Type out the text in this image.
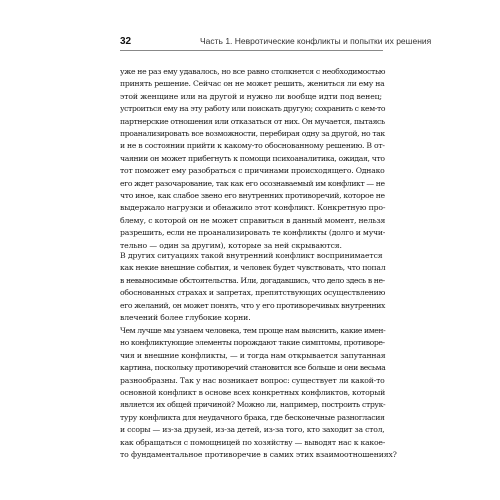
32	Часть 1. Невротические конфликты и попытки их решения
уже не раз ему удавалось, но все равно столкнется с необходимостью
принять решение. Сейчас он не может решить, жениться ли ему на
этой женщине или на другой и нужно ли вообще идти под венец;
устроиться ему на эту работу или поискать другую; сохранить с кем-то
партнерские отношения или отказаться от них. Он мучается, пытаясь
проанализировать все возможности, перебирая одну за другой, но так
и не в состоянии прийти к какому-то обоснованному решению. В от-
чаянии он может прибегнуть к помощи психоаналитика, ожидая, что
тот поможет ему разобраться с причинами происходящего. Однако
его ждет разочарование, так как его осознаваемый им конфликт — не
что иное, как слабое звено его внутренних противоречий, которое не
выдержало нагрузки и обнажило этот конфликт. Конкретную про-
блему, с которой он не может справиться в данный момент, нельзя
разрешить, если не проанализировать те конфликты (долго и мучи-
тельно — один за другим), которые за ней скрываются.
В других ситуациях такой внутренний конфликт воспринимается
как некие внешние события, и человек будет чувствовать, что попал
в невыносимые обстоятельства. Или, догадавшись, что дело здесь в не-
обоснованных страхах и запретах, препятствующих осуществлению
его желаний, он может понять, что у его противоречивых внутренних
влечений более глубокие корни.
Чем лучше мы узнаем человека, тем проще нам выяснить, какие имен-
но конфликтующие элементы порождают такие симптомы, противоре-
чия и внешние конфликты, — и тогда нам открывается запутанная
картина, поскольку противоречий становится все больше и они весьма
разнообразны. Так у нас возникает вопрос: существует ли какой-то
основной конфликт в основе всех конкретных конфликтов, который
является их общей причиной? Можно ли, например, построить струк-
туру конфликта для неудачного брака, где бесконечные разногласия
и ссоры — из-за друзей, из-за детей, из-за того, кто заходит за стол,
как обращаться с помощницей по хозяйству — выводят нас к какое-
то фундаментальное противоречие в самих этих взаимоотношениях?
